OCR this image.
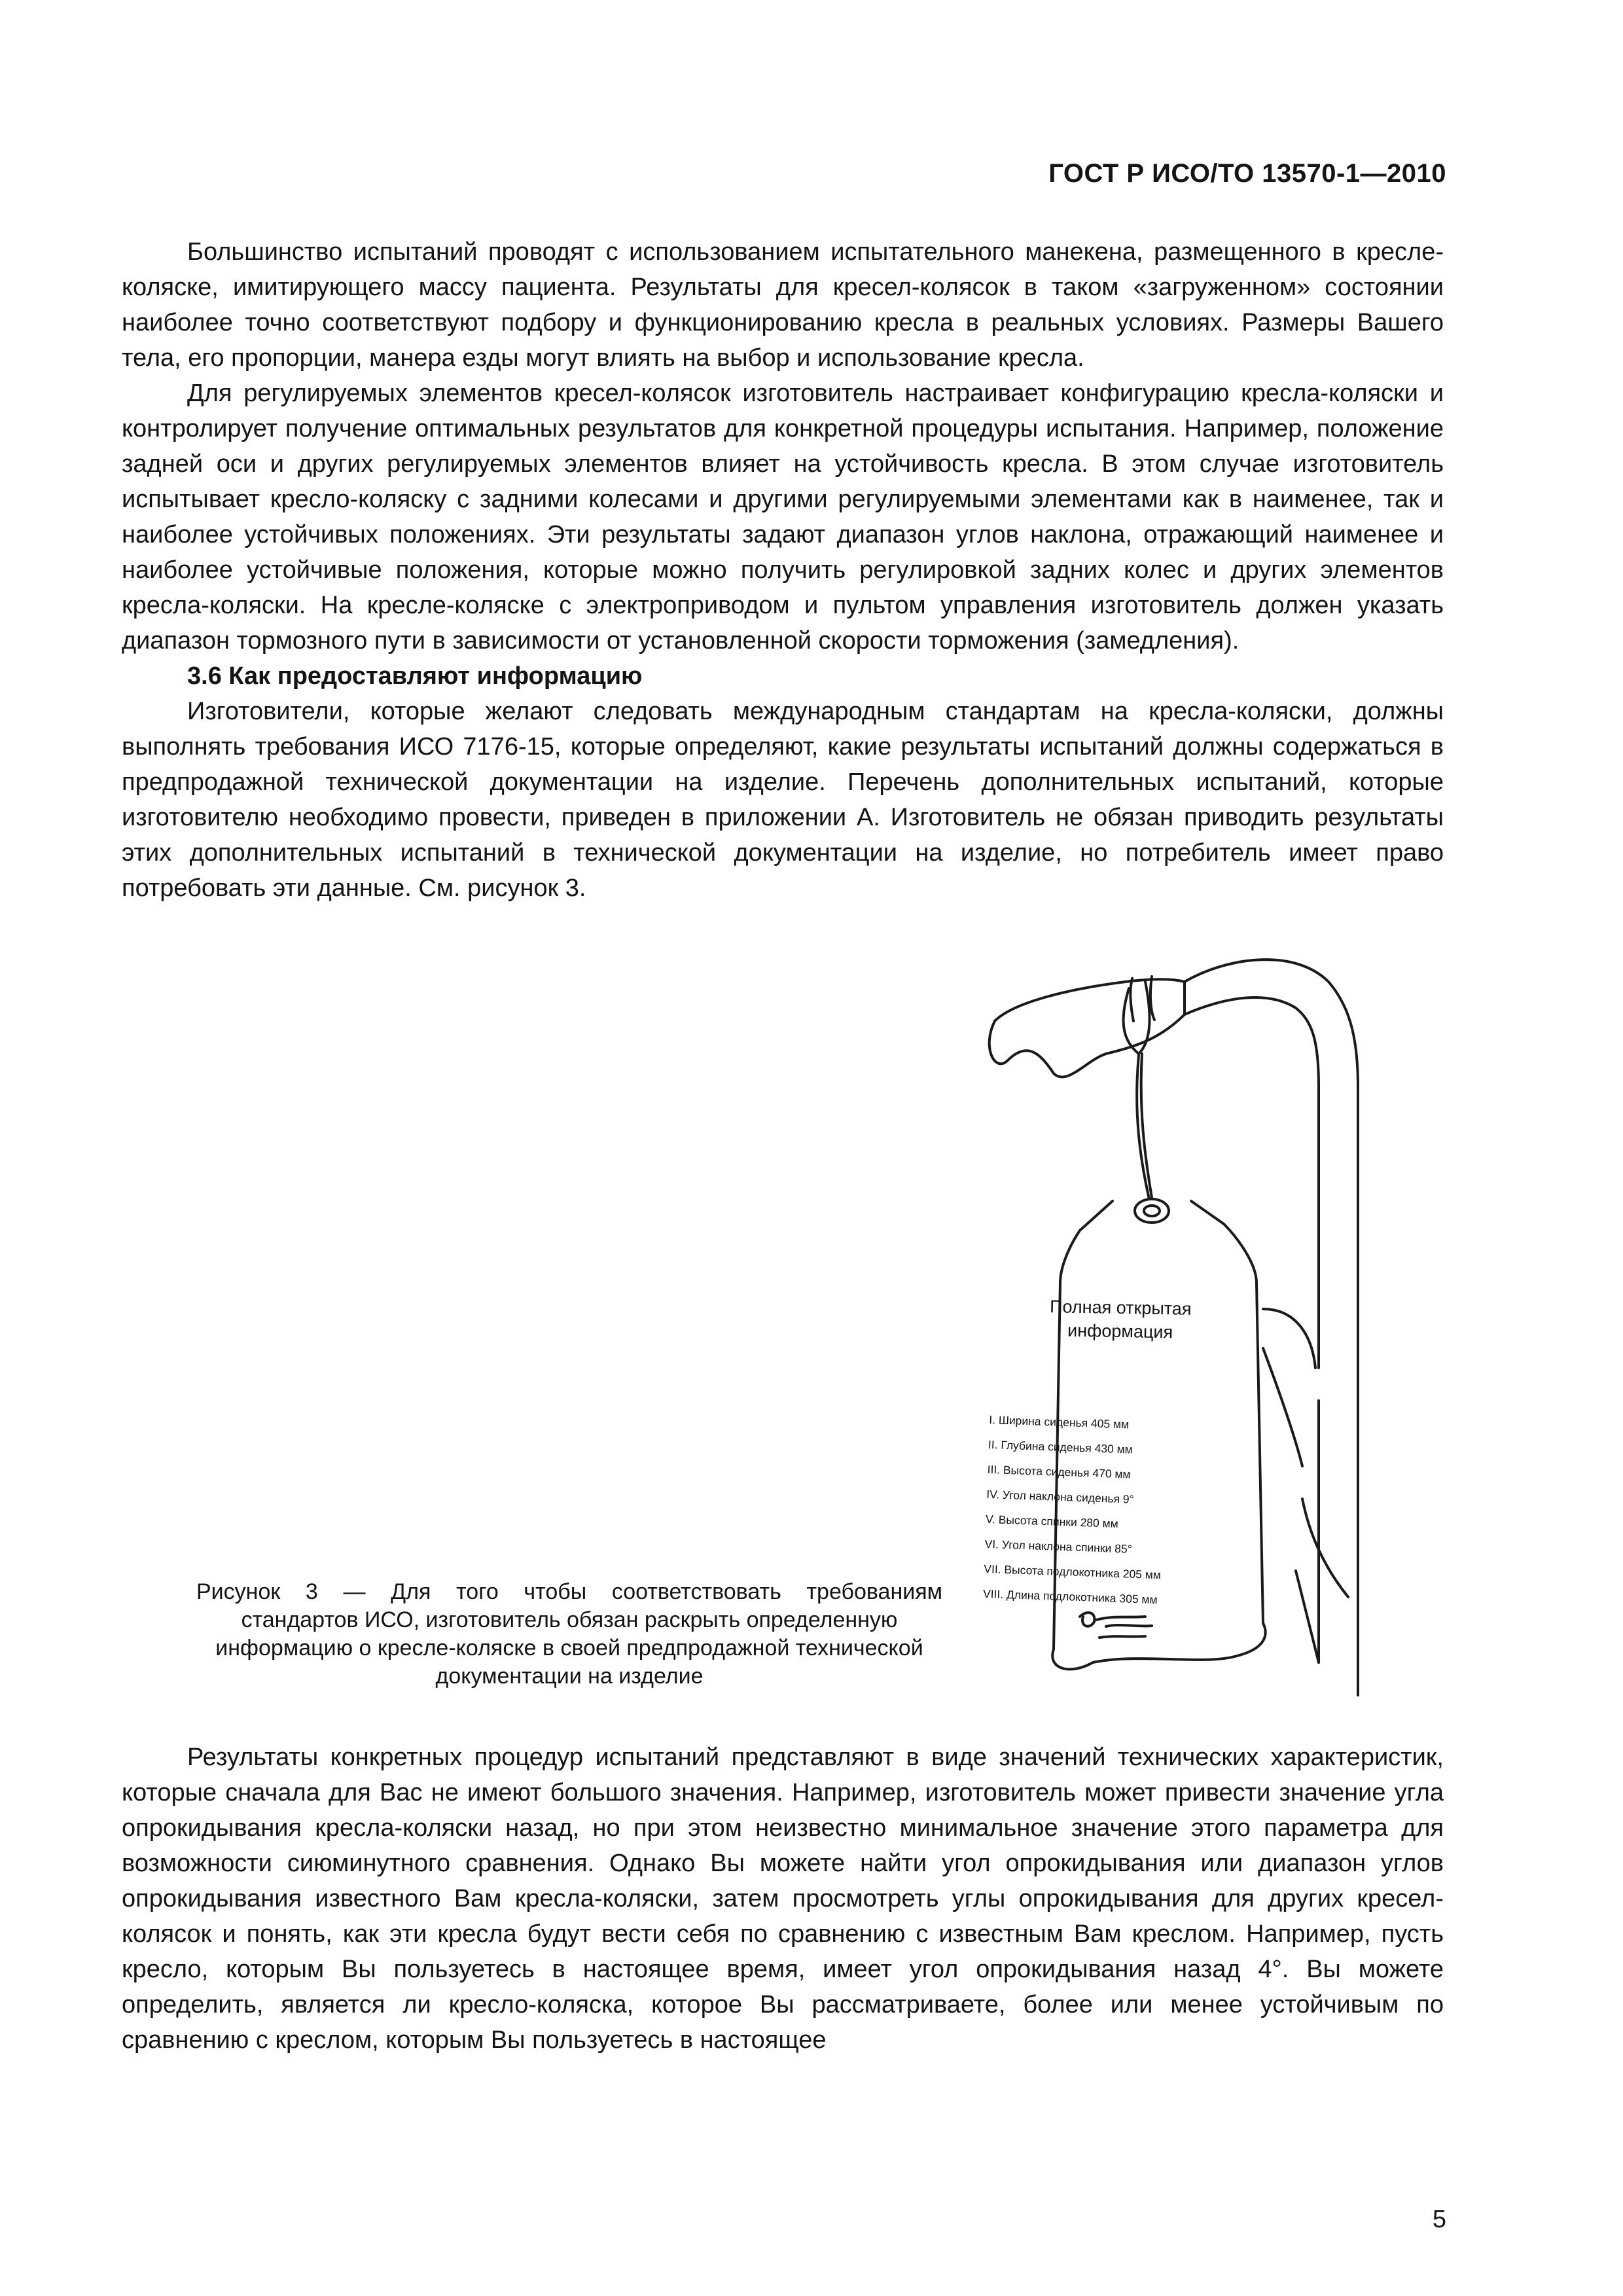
ГОСТ Р ИСО/ТО 13570-1—2010

Большинство испытаний проводят с использованием испытательного манекена, размещенного в кресле-коляске, имитирующего массу пациента. Результаты для кресел-колясок в таком «загруженном» состоянии наиболее точно соответствуют подбору и функционированию кресла в реальных условиях. Размеры Вашего тела, его пропорции, манера езды могут влиять на выбор и использование кресла.

Для регулируемых элементов кресел-колясок изготовитель настраивает конфигурацию кресла-коляски и контролирует получение оптимальных результатов для конкретной процедуры испытания. Например, положение задней оси и других регулируемых элементов влияет на устойчивость кресла. В этом случае изготовитель испытывает кресло-коляску с задними колесами и другими регулируемыми элементами как в наименее, так и наиболее устойчивых положениях. Эти результаты задают диапазон углов наклона, отражающий наименее и наиболее устойчивые положения, которые можно получить регулировкой задних колес и других элементов кресла-коляски. На кресле-коляске с электроприводом и пультом управления изготовитель должен указать диапазон тормозного пути в зависимости от установленной скорости торможения (замедления).

3.6 Как предоставляют информацию

Изготовители, которые желают следовать международным стандартам на кресла-коляски, должны выполнять требования ИСО 7176-15, которые определяют, какие результаты испытаний должны содержаться в предпродажной технической документации на изделие. Перечень дополнительных испытаний, которые изготовителю необходимо провести, приведен в приложении А. Изготовитель не обязан приводить результаты этих дополнительных испытаний в технической документации на изделие, но потребитель имеет право потребовать эти данные. См. рисунок 3.

Полная открытая
информация
I. Ширина сиденья 405 мм
II. Глубина сиденья 430 мм
III. Высота сиденья 470 мм
IV. Угол наклона сиденья 9°
V. Высота спинки 280 мм
VI. Угол наклона спинки 85°
VII. Высота подлокотника 205 мм
VIII. Длина подлокотника 305 мм
Рисунок 3 — Для того чтобы соответствовать требованиям
стандартов ИСО, изготовитель обязан раскрыть определенную информацию о кресле-коляске в своей предпродажной технической документации на изделие

Результаты конкретных процедур испытаний представляют в виде значений технических характеристик, которые сначала для Вас не имеют большого значения. Например, изготовитель может привести значение угла опрокидывания кресла-коляски назад, но при этом неизвестно минимальное значение этого параметра для возможности сиюминутного сравнения. Однако Вы можете найти угол опрокидывания или диапазон углов опрокидывания известного Вам кресла-коляски, затем просмотреть углы опрокидывания для других кресел-колясок и понять, как эти кресла будут вести себя по сравнению с известным Вам креслом. Например, пусть кресло, которым Вы пользуетесь в настоящее время, имеет угол опрокидывания назад 4°. Вы можете определить, является ли кресло-коляска, которое Вы рассматриваете, более или менее устойчивым по сравнению с креслом, которым Вы пользуетесь в настоящее

5
